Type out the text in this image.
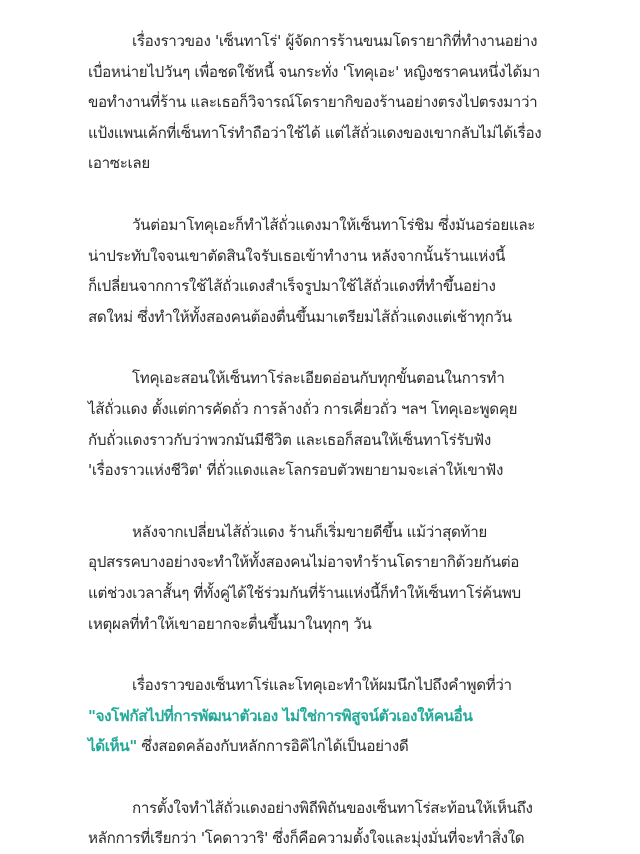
เรื่องราวของ 'เซ็นทาโร่' ผู้จัดการร้านขนมโดรายากิที่ทำงานอย่าง
เบื่อหน่ายไปวันๆ เพื่อชดใช้หนี้ จนกระทั่ง 'โทคุเอะ' หญิงชราคนหนึ่งได้มา
ขอทำงานที่ร้าน และเธอก็วิจารณ์โดรายากิของร้านอย่างตรงไปตรงมาว่า
แป้งแพนเค้กที่เซ็นทาโร่ทำถือว่าใช้ได้ แต่ไส้ถั่วแดงของเขากลับไม่ได้เรื่อง
เอาซะเลย
วันต่อมาโทคุเอะก็ทำไส้ถั่วแดงมาให้เซ็นทาโร่ชิม ซึ่งมันอร่อยและ
น่าประทับใจจนเขาตัดสินใจรับเธอเข้าทำงาน หลังจากนั้นร้านแห่งนี้
ก็เปลี่ยนจากการใช้ไส้ถั่วแดงสำเร็จรูปมาใช้ไส้ถั่วแดงที่ทำขึ้นอย่าง
สดใหม่ ซึ่งทำให้ทั้งสองคนต้องตื่นขึ้นมาเตรียมไส้ถั่วแดงแต่เช้าทุกวัน
โทคุเอะสอนให้เซ็นทาโร่ละเอียดอ่อนกับทุกขั้นตอนในการทำ
ไส้ถั่วแดง ตั้งแต่การคัดถั่ว การล้างถั่ว การเคี่ยวถั่ว ฯลฯ โทคุเอะพูดคุย
กับถั่วแดงราวกับว่าพวกมันมีชีวิต และเธอก็สอนให้เซ็นทาโร่รับฟัง
'เรื่องราวแห่งชีวิต' ที่ถั่วแดงและโลกรอบตัวพยายามจะเล่าให้เขาฟัง
หลังจากเปลี่ยนไส้ถั่วแดง ร้านก็เริ่มขายดีขึ้น แม้ว่าสุดท้าย
อุปสรรคบางอย่างจะทำให้ทั้งสองคนไม่อาจทำร้านโดรายากิด้วยกันต่อ
แต่ช่วงเวลาสั้นๆ ที่ทั้งคู่ได้ใช้ร่วมกันที่ร้านแห่งนี้ก็ทำให้เซ็นทาโร่ค้นพบ
เหตุผลที่ทำให้เขาอยากจะตื่นขึ้นมาในทุกๆ วัน
เรื่องราวของเซ็นทาโร่และโทคุเอะทำให้ผมนึกไปถึงคำพูดที่ว่า
"จงโฟกัสไปที่การพัฒนาตัวเอง ไม่ใช่การพิสูจน์ตัวเองให้คนอื่น
ได้เห็น" ซึ่งสอดคล้องกับหลักการอิคิไกได้เป็นอย่างดี
การตั้งใจทำไส้ถั่วแดงอย่างพิถีพิถันของเซ็นทาโร่สะท้อนให้เห็นถึง
หลักการที่เรียกว่า 'โคดาวาริ' ซึ่งก็คือความตั้งใจและมุ่งมั่นที่จะทำสิ่งใด
